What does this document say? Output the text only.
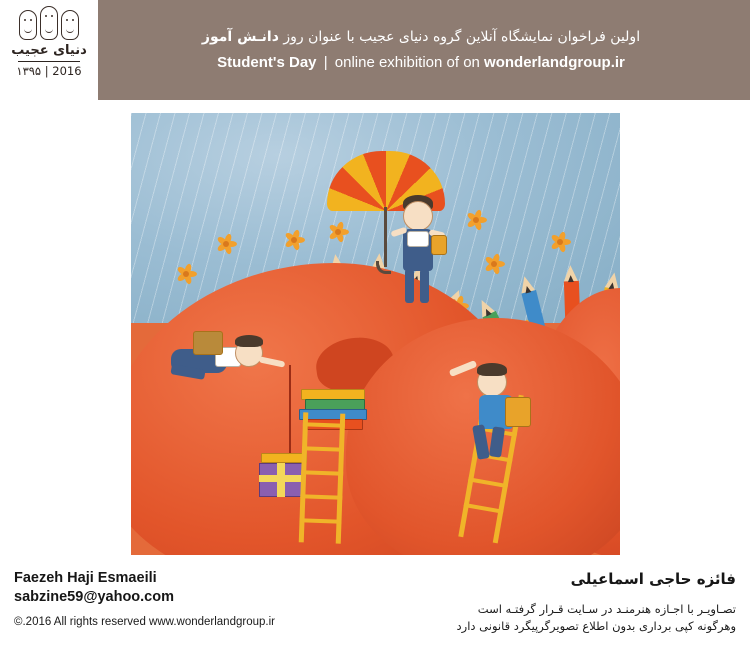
دنیای عجیب
۱۳۹۵ | 2016
اولین فراخوان نمایشگاه آنلاین گروه دنیای عجیب با عنوان روز دانـش آموز
Student's Day | online exhibition of on wonderlandgroup.ir
Faezeh Haji Esmaeili
sabzine59@yahoo.com
©.2016 All rights reserved www.wonderlandgroup.ir
فائزه حاجی اسماعیلی
تصـاویـر با اجـازه هنرمنـد در سـایت قـرار گرفتـه است
وهرگونه کپی برداری بدون اطلاع تصویرگرپیگرد قانونی دارد
